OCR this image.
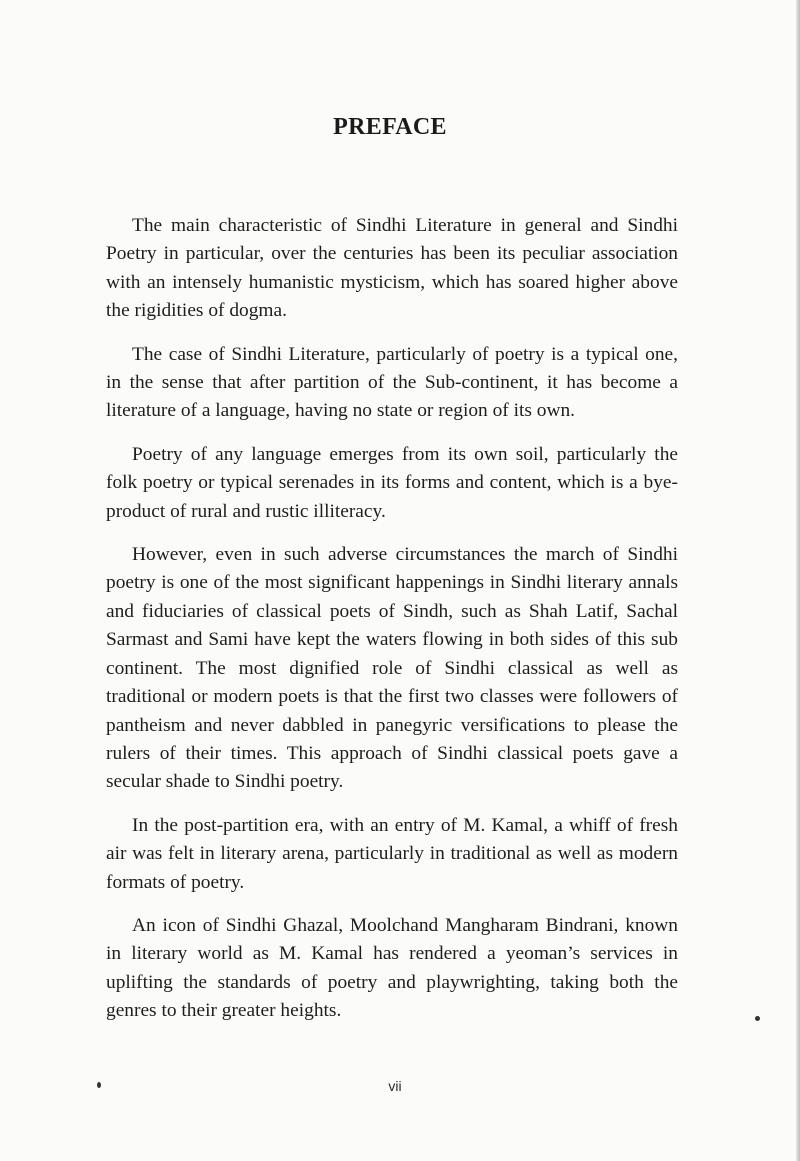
PREFACE

The main characteristic of Sindhi Literature in general and Sindhi Poetry in particular, over the centuries has been its peculiar association with an intensely humanistic mysticism, which has soared higher above the rigidities of dogma.

The case of Sindhi Literature, particularly of poetry is a typical one, in the sense that after partition of the Sub-continent, it has become a literature of a language, having no state or region of its own.

Poetry of any language emerges from its own soil, particularly the folk poetry or typical serenades in its forms and content, which is a bye-product of rural and rustic illiteracy.

However, even in such adverse circumstances the march of Sindhi poetry is one of the most significant happenings in Sindhi literary annals and fiduciaries of classical poets of Sindh, such as Shah Latif, Sachal Sarmast and Sami have kept the waters flowing in both sides of this sub continent. The most dignified role of Sindhi classical as well as traditional or modern poets is that the first two classes were followers of pantheism and never dabbled in panegyric versifications to please the rulers of their times. This approach of Sindhi classical poets gave a secular shade to Sindhi poetry.

In the post-partition era, with an entry of M. Kamal, a whiff of fresh air was felt in literary arena, particularly in traditional as well as modern formats of poetry.

An icon of Sindhi Ghazal, Moolchand Mangharam Bindrani, known in literary world as M. Kamal has rendered a yeoman’s services in uplifting the standards of poetry and playwrighting, taking both the genres to their greater heights.

vii
